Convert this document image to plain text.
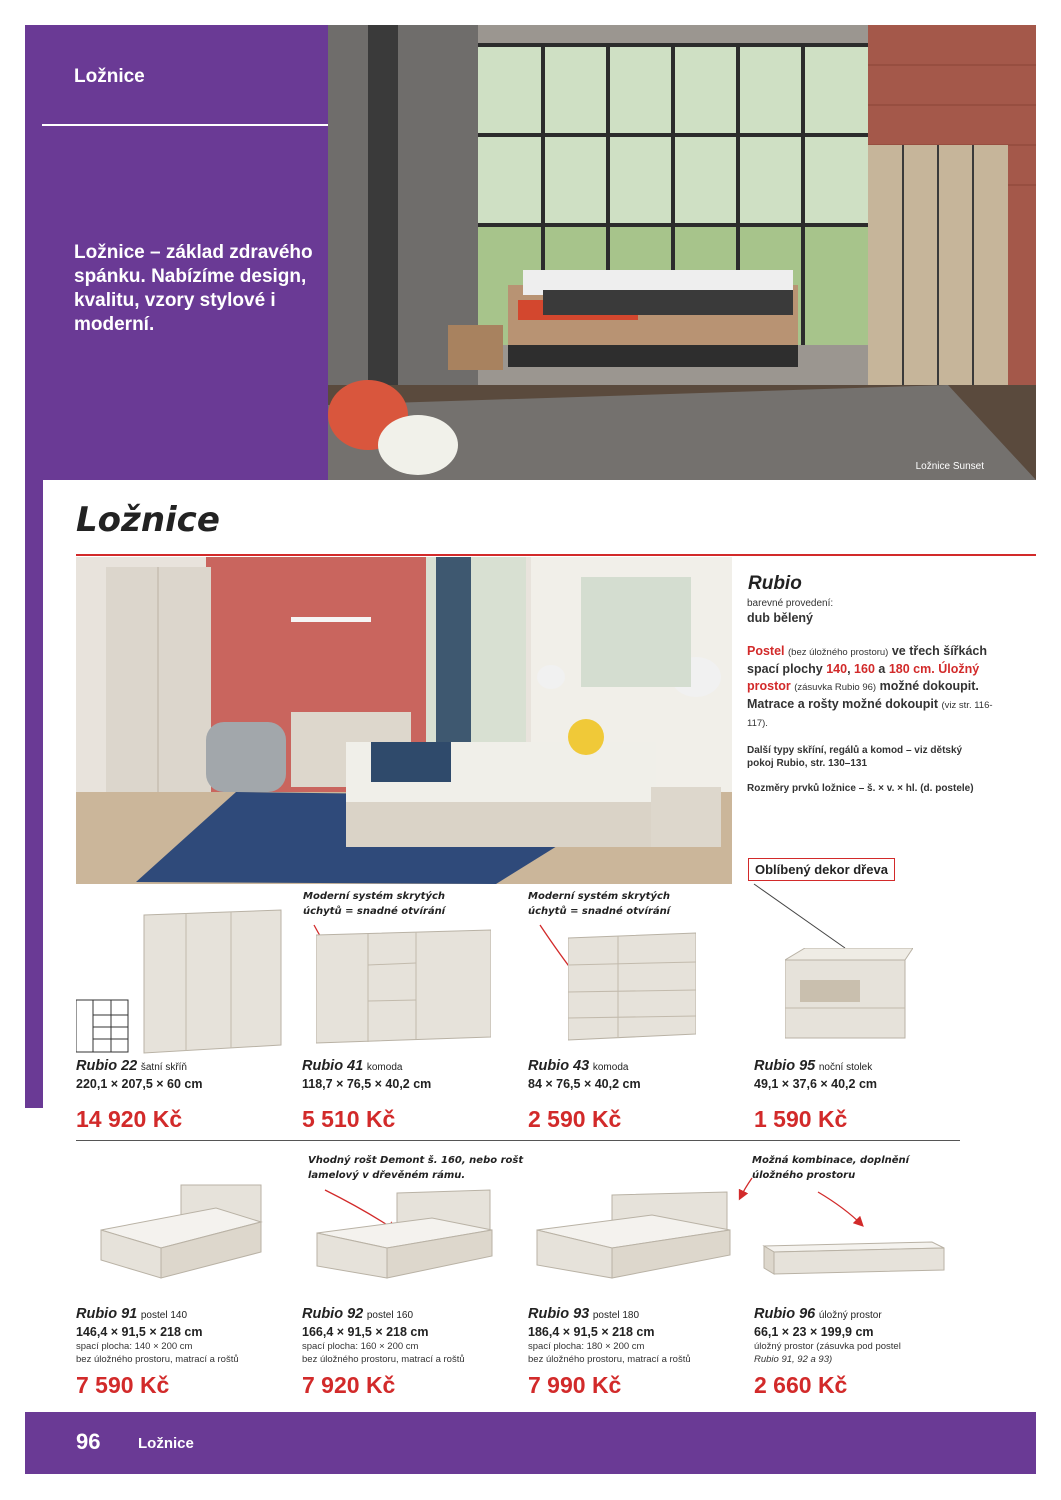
Ložnice
Ložnice – základ zdravého spánku. Nabízíme design, kvalitu, vzory stylové i moderní.
Ložnice Sunset
Ložnice
Rubio
barevné provedení:
dub bělený
Postel (bez úložného prostoru) ve třech šířkách spací plochy 140, 160 a 180 cm. Úložný prostor (zásuvka Rubio 96) možné dokoupit. Matrace a rošty možné dokoupit (viz str. 116-117).
Další typy skříní, regálů a komod – viz dětský pokoj Rubio, str. 130–131
Rozměry prvků ložnice – š. × v. × hl. (d. postele)
Oblíbený dekor dřeva
Moderní systém skrytých úchytů = snadné otvírání
Moderní systém skrytých úchytů = snadné otvírání
Vhodný rošt Demont š. 160, nebo rošt lamelový v dřevěném rámu.
Možná kombinace, doplnění úložného prostoru
Rubio 22 šatní skříň
220,1 × 207,5 × 60 cm
14 920 Kč
Rubio 41 komoda
118,7 × 76,5 × 40,2 cm
5 510 Kč
Rubio 43 komoda
84 × 76,5 × 40,2 cm
2 590 Kč
Rubio 95 noční stolek
49,1 × 37,6 × 40,2 cm
1 590 Kč
Rubio 91 postel 140
146,4 × 91,5 × 218 cm
spací plocha: 140 × 200 cm
bez úložného prostoru, matrací a roštů
7 590 Kč
Rubio 92 postel 160
166,4 × 91,5 × 218 cm
spací plocha: 160 × 200 cm
bez úložného prostoru, matrací a roštů
7 920 Kč
Rubio 93 postel 180
186,4 × 91,5 × 218 cm
spací plocha: 180 × 200 cm
bez úložného prostoru, matrací a roštů
7 990 Kč
Rubio 96 úložný prostor
66,1 × 23 × 199,9 cm
úložný prostor (zásuvka pod postel
Rubio 91, 92 a 93)
2 660 Kč
96	Ložnice
